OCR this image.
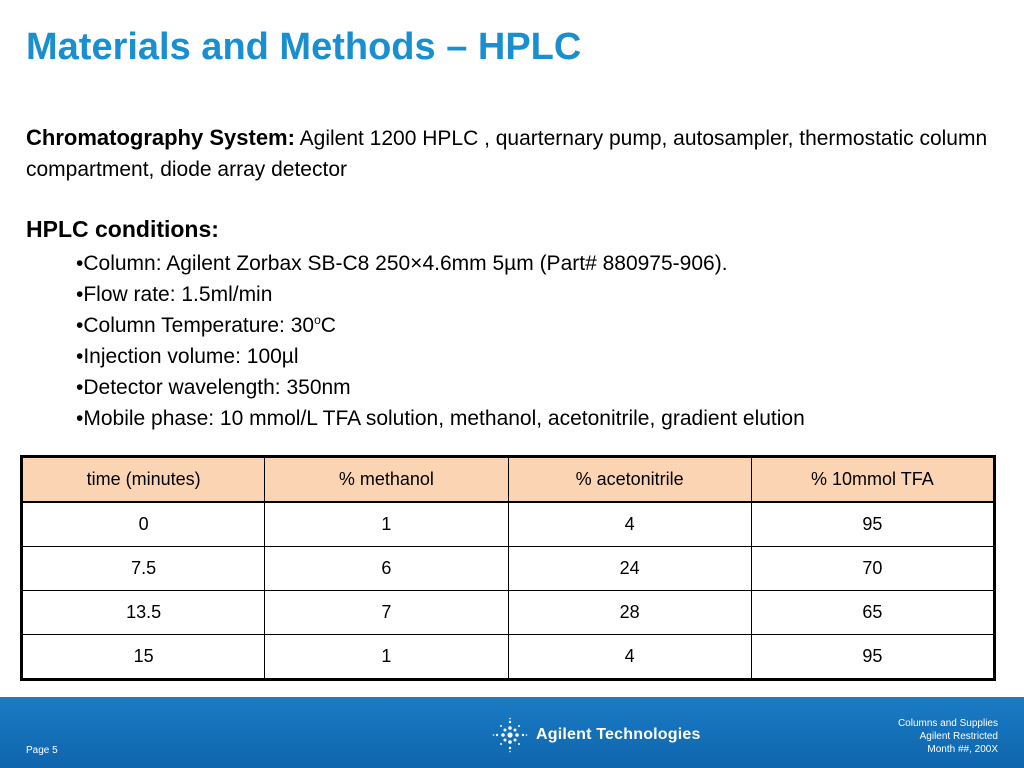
Materials and Methods – HPLC
Chromatography System: Agilent 1200 HPLC , quarternary pump, autosampler, thermostatic column compartment, diode array detector
HPLC conditions:
•Column: Agilent Zorbax SB-C8 250×4.6mm 5µm (Part# 880975-906).
•Flow rate: 1.5ml/min
•Column Temperature: 30$^o$C
•Injection volume: 100µl
•Detector wavelength: 350nm
•Mobile phase: 10 mmol/L TFA solution, methanol, acetonitrile, gradient elution
time (minutes)	% methanol	% acetonitrile	% 10mmol TFA
0	1	4	95
7.5	6	24	70
13.5	7	28	65
15	1	4	95
Page 5
Agilent Technologies
Columns and Supplies
Agilent Restricted
Month ##, 200X
